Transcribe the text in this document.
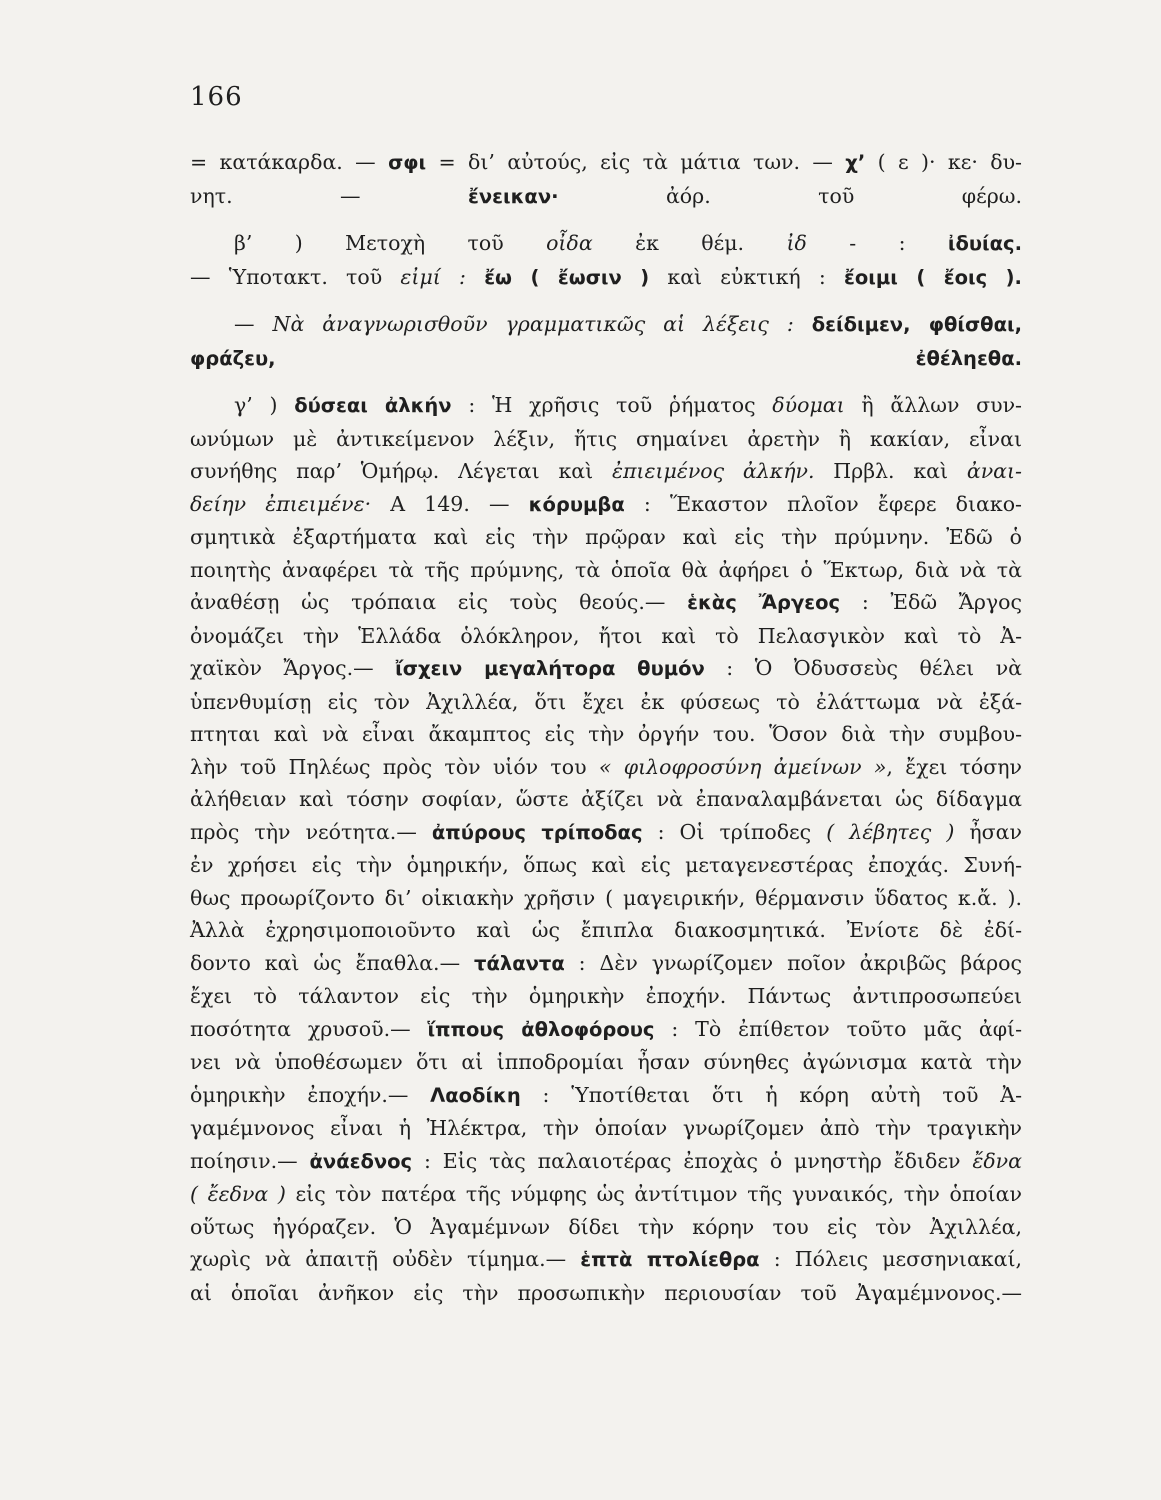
166

= κατάκαρδα. — σφι = δι’ αὐτούς, εἰς τὰ μάτια των. — χ’ ( ε )· κε· δυ-
νητ. — ἔνεικαν· ἀόρ. τοῦ φέρω.

β’ ) Μετοχὴ τοῦ οἶδα ἐκ θέμ. ἰδ - : ἰδυίας.
— Ὑποτακτ. τοῦ εἰμί : ἔω ( ἔωσιν ) καὶ εὐκτική : ἔοιμι ( ἔοις ).

— Νὰ ἀναγνωρισθοῦν γραμματικῶς αἱ λέξεις : δείδιμεν, φθίσθαι,
φράζευ, ἐθέληεθα.

γ’ ) δύσεαι ἀλκήν : Ἡ χρῆσις τοῦ ῥήματος δύομαι ἢ ἄλλων συν-
ωνύμων μὲ ἀντικείμενον λέξιν, ἥτις σημαίνει ἀρετὴν ἢ κακίαν, εἶναι
συνήθης παρ’ Ὁμήρῳ. Λέγεται καὶ ἐπιειμένος ἀλκήν. Πρβλ. καὶ ἀναι-
δείην ἐπιειμένε· Α 149. — κόρυμβα : Ἕκαστον πλοῖον ἔφερε διακο-
σμητικὰ ἐξαρτήματα καὶ εἰς τὴν πρῷραν καὶ εἰς τὴν πρύμνην. Ἐδῶ ὁ
ποιητὴς ἀναφέρει τὰ τῆς πρύμνης, τὰ ὁποῖα θὰ ἀφήρει ὁ Ἕκτωρ, διὰ νὰ τὰ
ἀναθέσῃ ὡς τρόπαια εἰς τοὺς θεούς.— ἑκὰς Ἄργεος : Ἐδῶ Ἄργος
ὀνομάζει τὴν Ἑλλάδα ὁλόκληρον, ἤτοι καὶ τὸ Πελασγικὸν καὶ τὸ Ἀ-
χαϊκὸν Ἄργος.— ἴσχειν μεγαλήτορα θυμόν : Ὁ Ὀδυσσεὺς θέλει νὰ
ὑπενθυμίσῃ εἰς τὸν Ἀχιλλέα, ὅτι ἔχει ἐκ φύσεως τὸ ἐλάττωμα νὰ ἐξά-
πτηται καὶ νὰ εἶναι ἄκαμπτος εἰς τὴν ὀργήν του. Ὅσον διὰ τὴν συμβου-
λὴν τοῦ Πηλέως πρὸς τὸν υἱόν του « φιλοφροσύνη ἀμείνων », ἔχει τόσην
ἀλήθειαν καὶ τόσην σοφίαν, ὥστε ἀξίζει νὰ ἐπαναλαμβάνεται ὡς δίδαγμα
πρὸς τὴν νεότητα.— ἀπύρους τρίποδας : Οἱ τρίποδες ( λέβητες ) ἦσαν
ἐν χρήσει εἰς τὴν ὁμηρικήν, ὅπως καὶ εἰς μεταγενεστέρας ἐποχάς. Συνή-
θως προωρίζοντο δι’ οἰκιακὴν χρῆσιν ( μαγειρικήν, θέρμανσιν ὕδατος κ.ἄ. ).
Ἀλλὰ ἐχρησιμοποιοῦντο καὶ ὡς ἔπιπλα διακοσμητικά. Ἐνίοτε δὲ ἐδί-
δοντο καὶ ὡς ἔπαθλα.— τάλαντα : Δὲν γνωρίζομεν ποῖον ἀκριβῶς βάρος
ἔχει τὸ τάλαντον εἰς τὴν ὁμηρικὴν ἐποχήν. Πάντως ἀντιπροσωπεύει
ποσότητα χρυσοῦ.— ἵππους ἀθλοφόρους : Τὸ ἐπίθετον τοῦτο μᾶς ἀφί-
νει νὰ ὑποθέσωμεν ὅτι αἱ ἱπποδρομίαι ἦσαν σύνηθες ἀγώνισμα κατὰ τὴν
ὁμηρικὴν ἐποχήν.— Λαοδίκη : Ὑποτίθεται ὅτι ἡ κόρη αὐτὴ τοῦ Ἀ-
γαμέμνονος εἶναι ἡ Ἠλέκτρα, τὴν ὁποίαν γνωρίζομεν ἀπὸ τὴν τραγικὴν
ποίησιν.— ἀνάεδνος : Εἰς τὰς παλαιοτέρας ἐποχὰς ὁ μνηστὴρ ἔδιδεν ἔδνα
( ἔεδνα ) εἰς τὸν πατέρα τῆς νύμφης ὡς ἀντίτιμον τῆς γυναικός, τὴν ὁποίαν
οὕτως ἠγόραζεν. Ὁ Ἀγαμέμνων δίδει τὴν κόρην του εἰς τὸν Ἀχιλλέα,
χωρὶς νὰ ἀπαιτῇ οὐδὲν τίμημα.— ἑπτὰ πτολίεθρα : Πόλεις μεσσηνιακαί,
αἱ ὁποῖαι ἀνῆκον εἰς τὴν προσωπικὴν περιουσίαν τοῦ Ἀγαμέμνονος.—
